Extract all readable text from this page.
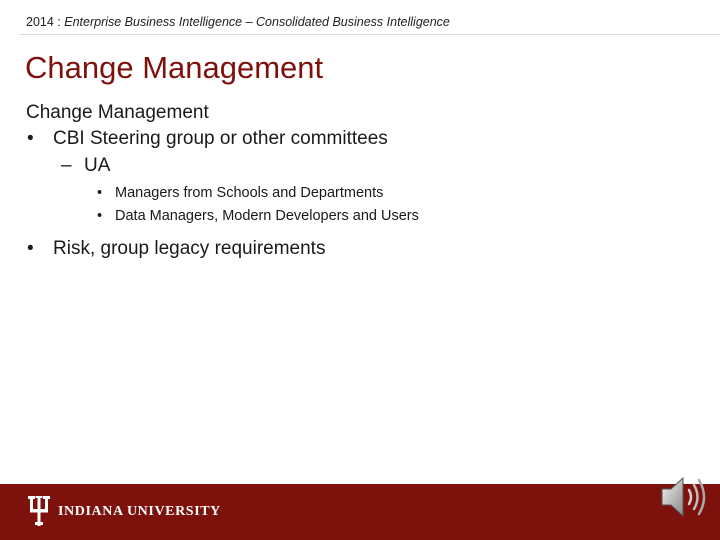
2014 : Enterprise Business Intelligence – Consolidated Business Intelligence
Change Management
Change Management
• CBI Steering group or other committees
– UA
• Managers from Schools and Departments
• Data Managers, Modern Developers and Users
• Risk, group legacy requirements
INDIANA UNIVERSITY
